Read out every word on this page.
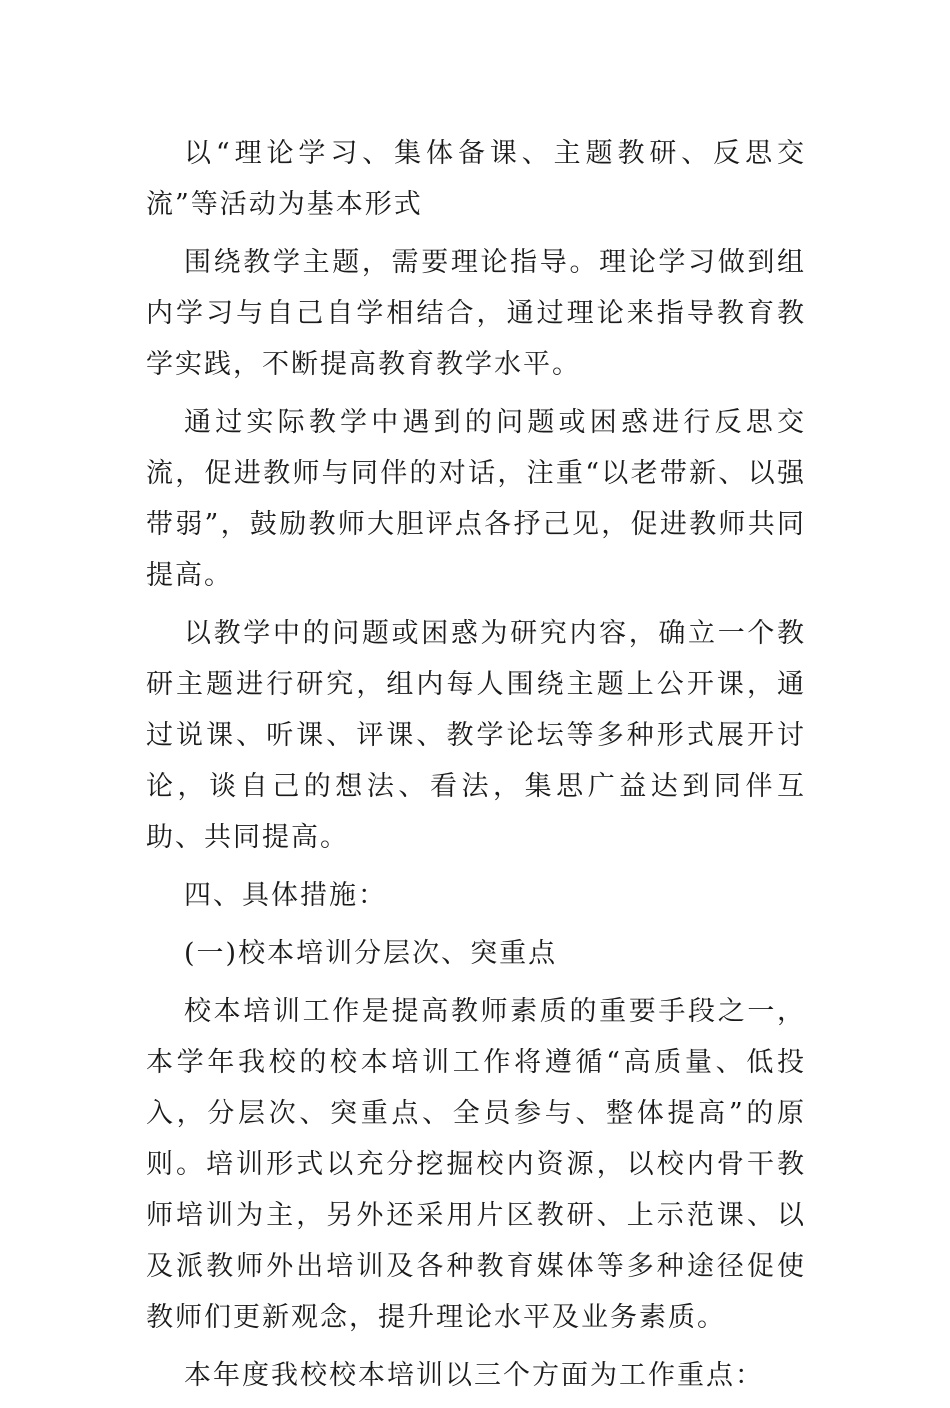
以“理论学习、集体备课、主题教研、反思交流”等活动为基本形式

围绕教学主题，需要理论指导。理论学习做到组内学习与自己自学相结合，通过理论来指导教育教学实践，不断提高教育教学水平。

通过实际教学中遇到的问题或困惑进行反思交流，促进教师与同伴的对话，注重“以老带新、以强带弱”，鼓励教师大胆评点各抒己见，促进教师共同提高。

以教学中的问题或困惑为研究内容，确立一个教研主题进行研究，组内每人围绕主题上公开课，通过说课、听课、评课、教学论坛等多种形式展开讨论，谈自己的想法、看法，集思广益达到同伴互助、共同提高。

四、具体措施：

(一)校本培训分层次、突重点

校本培训工作是提高教师素质的重要手段之一，本学年我校的校本培训工作将遵循“高质量、低投入，分层次、突重点、全员参与、整体提高”的原则。培训形式以充分挖掘校内资源，以校内骨干教师培训为主，另外还采用片区教研、上示范课、以及派教师外出培训及各种教育媒体等多种途径促使教师们更新观念，提升理论水平及业务素质。

本年度我校校本培训以三个方面为工作重点：
